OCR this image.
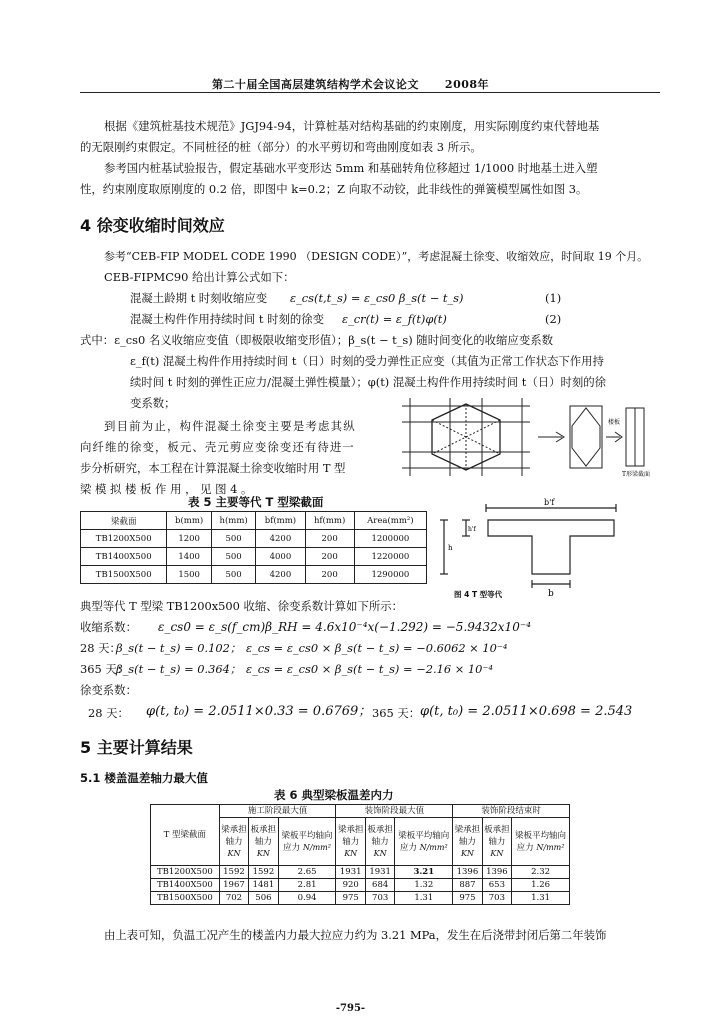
第二十届全国高层建筑结构学术会议论文 2008年
根据《建筑桩基技术规范》JGJ94-94，计算桩基对结构基础的约束刚度，用实际刚度约束代替地基
的无限刚约束假定。不同桩径的桩（部分）的水平剪切和弯曲刚度如表 3 所示。
参考国内桩基试验报告，假定基础水平变形达 5mm 和基础转角位移超过 1/1000 时地基土进入塑
性，约束刚度取原刚度的 0.2 倍，即图中 k=0.2；Z 向取不动铰，此非线性的弹簧模型属性如图 3。
4 徐变收缩时间效应
参考“CEB-FIP MODEL CODE 1990 （DESIGN CODE）”，考虑混凝土徐变、收缩效应，时间取 19 个月。
CEB-FIPMC90 给出计算公式如下：
混凝土龄期 t 时刻收缩应变 ε_cs(t,t_s) = ε_cs0 β_s(t − t_s)	(1)
混凝土构件作用持续时间 t 时刻的徐变 ε_cr(t) = ε_f(t)φ(t)	(2)
式中：ε_cs0 名义收缩应变值（即极限收缩变形值）；β_s(t − t_s) 随时间变化的收缩应变系数
ε_f(t) 混凝土构件作用持续时间 t（日）时刻的受力弹性正应变（其值为正常工作状态下作用持
续时间 t 时刻的弹性正应力/混凝土弹性模量）；φ(t) 混凝土构件作用持续时间 t（日）时刻的徐
变系数；
到目前为止，构件混凝土徐变主要是考虑其纵
向纤维的徐变，板元、壳元剪应变徐变还有待进一
步分析研究，本工程在计算混凝土徐变收缩时用 T 型
梁 模 拟 楼 板 作 用 ， 见 图 4 。
楼板
T形梁截面
表 5 主要等代 T 型梁截面
梁截面	b(mm)	h(mm)	bf(mm)	hf(mm)	Area(mm²)
TB1200X500	1200	500	4200	200	1200000
TB1400X500	1400	500	4000	200	1220000
TB1500X500	1500	500	4200	200	1290000
b'f
b
h'f
h
图 4 T 型等代
典型等代 T 型梁 TB1200x500 收缩、徐变系数计算如下所示：
收缩系数： ε_cs0 = ε_s(f_cm)β_RH = 4.6x10⁻⁴x(−1.292) = −5.9432x10⁻⁴
28 天：
β_s(t − t_s) = 0.102； ε_cs = ε_cs0 × β_s(t − t_s) = −0.6062 × 10⁻⁴
365 天：
β_s(t − t_s) = 0.364； ε_cs = ε_cs0 × β_s(t − t_s) = −2.16 × 10⁻⁴
徐变系数：
28 天： φ(t, t₀) = 2.0511×0.33 = 0.6769； 365 天： φ(t, t₀) = 2.0511×0.698 = 2.543
5 主要计算结果
5.1 楼盖温差轴力最大值
表 6 典型梁板温差内力
T 型梁截面	施工阶段最大值			装饰阶段最大值			装饰阶段结束时		
	梁承担轴力 KN	板承担轴力 KN	梁板平均轴向应力 N/mm²	梁承担轴力 KN	板承担轴力 KN	梁板平均轴向应力 N/mm²	梁承担轴力 KN	板承担轴力 KN	梁板平均轴向应力 N/mm²
TB1200X500	1592	1592	2.65	1931	1931	3.21	1396	1396	2.32
TB1400X500	1967	1481	2.81	920	684	1.32	887	653	1.26
TB1500X500	702	506	0.94	975	703	1.31	975	703	1.31
由上表可知，负温工况产生的楼盖内力最大拉应力约为 3.21 MPa，发生在后浇带封闭后第二年装饰
-795-
